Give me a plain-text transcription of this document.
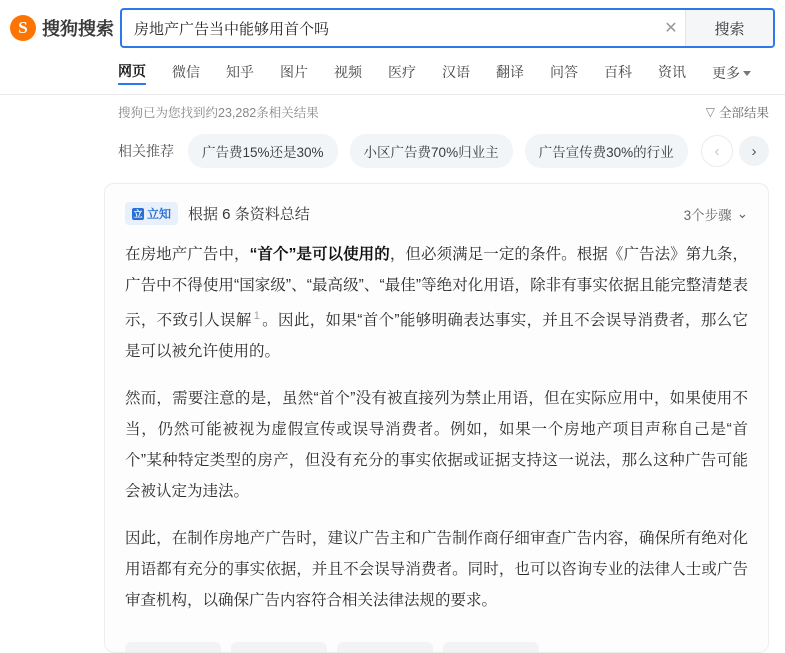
S
搜狗搜索
房地产广告当中能够用首个吗	✕	搜索
网页 微信 知乎 图片 视频 医疗 汉语 翻译 问答 百科 资讯 更多
搜狗已为您找到约23,282条相关结果	▽ 全部结果
相关推荐	广告费15%还是30%	小区广告费70%归业主	广告宣传费30%的行业	‹	›
立 立知 根据 6 条资料总结	3个步骤 ⌄

在房地产广告中，“首个”是可以使用的，但必须满足一定的条件。根据《广告法》第九条，广告中不得使用“国家级”、“最高级”、“最佳”等绝对化用语，除非有事实依据且能完整清楚表示，不致引人误解 $^1$ 。因此，如果“首个”能够明确表达事实，并且不会误导消费者，那么它是可以被允许使用的。

然而，需要注意的是，虽然“首个”没有被直接列为禁止用语，但在实际应用中，如果使用不当，仍然可能被视为虚假宣传或误导消费者。例如，如果一个房地产项目声称自己是“首个”某种特定类型的房产，但没有充分的事实依据或证据支持这一说法，那么这种广告可能会被认定为违法。

因此，在制作房地产广告时，建议广告主和广告制作商仔细审查广告内容，确保所有绝对化用语都有充分的事实依据，并且不会误导消费者。同时，也可以咨询专业的法律人士或广告审查机构，以确保广告内容符合相关法律法规的要求。
